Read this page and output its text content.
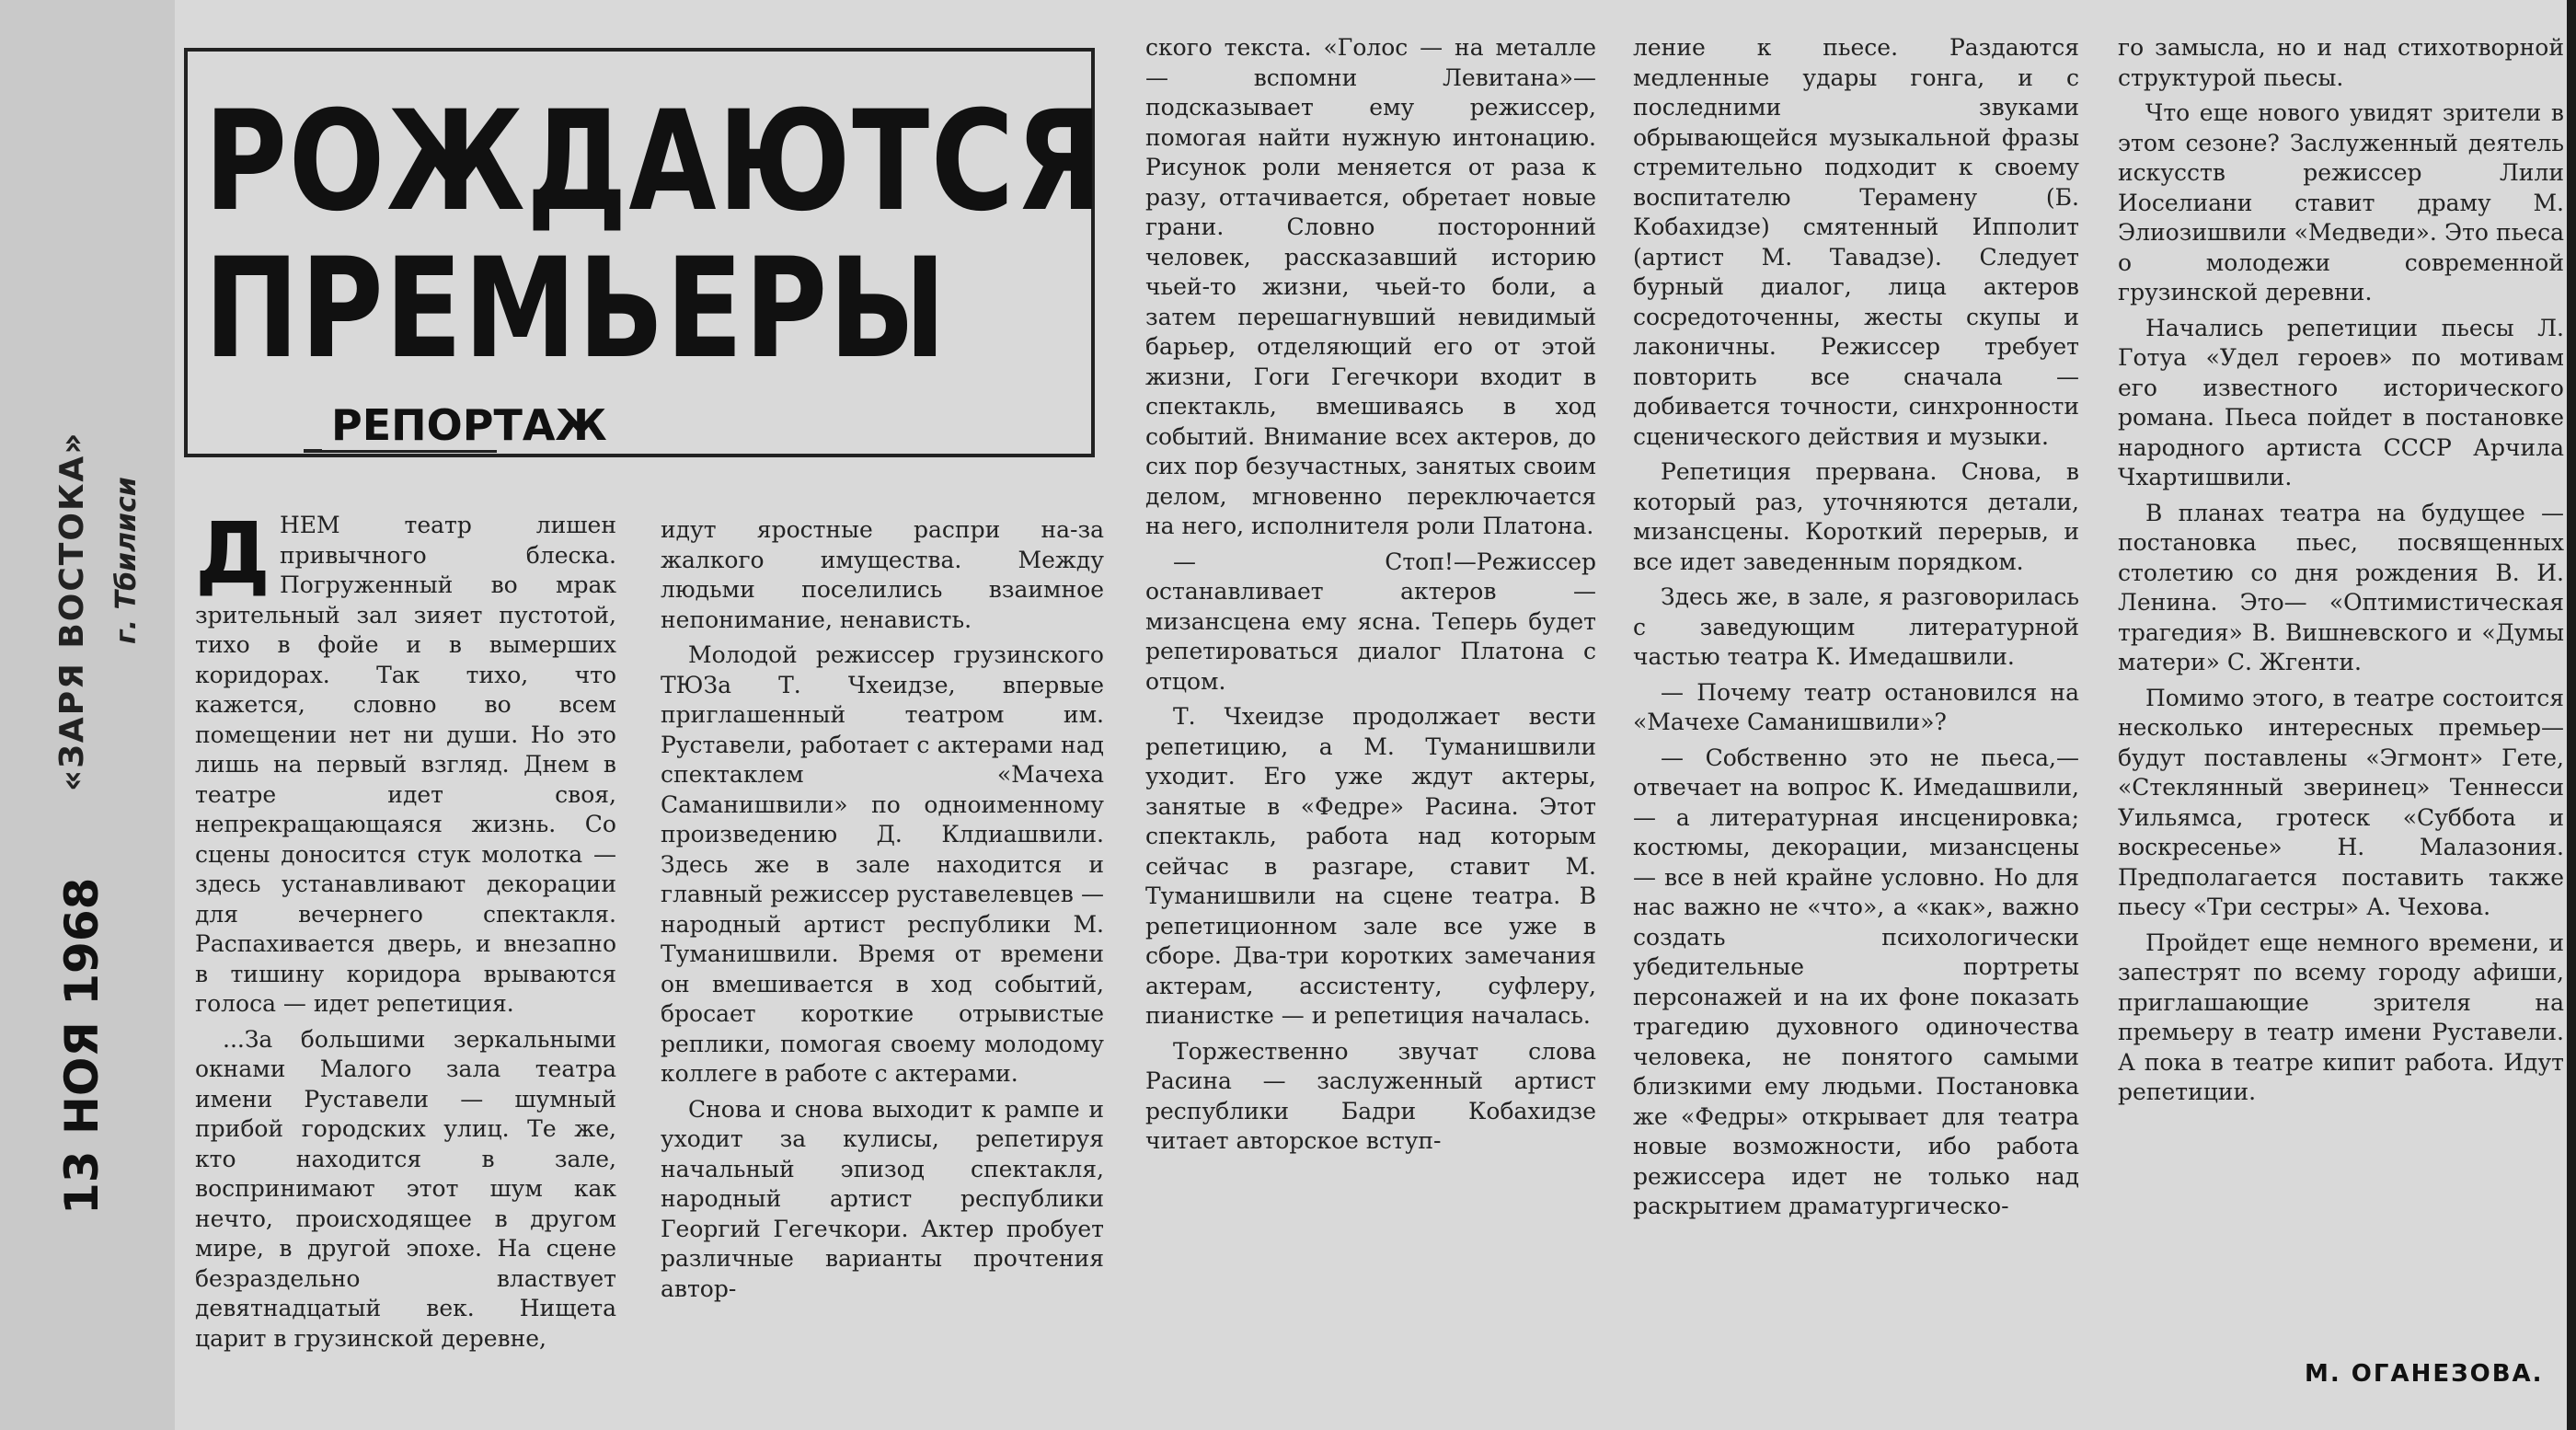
«ЗАРЯ ВОСТОКА» г. Тбилиси
13 НОЯ 1968
РОЖДАЮТСЯ
ПРЕМЬЕРЫ
РЕПОРТАЖ

ДНЕМ театр лишен привычного блеска. Погруженный во мрак зрительный зал зияет пустотой, тихо в фойе и в вымерших коридорах. Так тихо, что кажется, словно во всем помещении нет ни души. Но это лишь на первый взгляд. Днем в театре идет своя, непрекращающаяся жизнь. Со сцены доносится стук молотка — здесь устанавливают декорации для вечернего спектакля. Распахивается дверь, и внезапно в тишину коридора врываются голоса — идет репетиция.

...За большими зеркальными окнами Малого зала театра имени Руставели — шумный прибой городских улиц. Те же, кто находится в зале, воспринимают этот шум как нечто, происходящее в другом мире, в другой эпохе. На сцене безраздельно властвует девятнадцатый век. Нищета царит в грузинской деревне,

идут яростные распри на-за жалкого имущества. Между людьми поселились взаимное непонимание, ненависть.

Молодой режиссер грузинского ТЮЗа Т. Чхеидзе, впервые приглашенный театром им. Руставели, работает с актерами над спектаклем «Мачеха Саманишвили» по одноименному произведению Д. Клдиашвили. Здесь же в зале находится и главный режиссер руставелевцев — народный артист республики М. Туманишвили. Время от времени он вмешивается в ход событий, бросает короткие отрывистые реплики, помогая своему молодому коллеге в работе с актерами.

Снова и снова выходит к рампе и уходит за кулисы, репетируя начальный эпизод спектакля, народный артист республики Георгий Гегечкори. Актер пробует различные варианты прочтения автор-

ского текста. «Голос — на металле — вспомни Левитана»— подсказывает ему режиссер, помогая найти нужную интонацию. Рисунок роли меняется от раза к разу, оттачивается, обретает новые грани. Словно посторонний человек, рассказавший историю чьей-то жизни, чьей-то боли, а затем перешагнувший невидимый барьер, отделяющий его от этой жизни, Гоги Гегечкори входит в спектакль, вмешиваясь в ход событий. Внимание всех актеров, до сих пор безучастных, занятых своим делом, мгновенно переключается на него, исполнителя роли Платона.

— Стоп!—Режиссер останавливает актеров — мизансцена ему ясна. Теперь будет репетироваться диалог Платона с отцом.

Т. Чхеидзе продолжает вести репетицию, а М. Туманишвили уходит. Его уже ждут актеры, занятые в «Федре» Расина. Этот спектакль, работа над которым сейчас в разгаре, ставит М. Туманишвили на сцене театра. В репетиционном зале все уже в сборе. Два-три коротких замечания актерам, ассистенту, суфлеру, пианистке — и репетиция началась.

Торжественно звучат слова Расина — заслуженный артист республики Бадри Кобахидзе читает авторское вступ-

ление к пьесе. Раздаются медленные удары гонга, и с последними звуками обрывающейся музыкальной фразы стремительно подходит к своему воспитателю Терамену (Б. Кобахидзе) смятенный Ипполит (артист М. Тавадзе). Следует бурный диалог, лица актеров сосредоточенны, жесты скупы и лаконичны. Режиссер требует повторить все сначала — добивается точности, синхронности сценического действия и музыки.

Репетиция прервана. Снова, в который раз, уточняются детали, мизансцены. Короткий перерыв, и все идет заведенным порядком.

Здесь же, в зале, я разговорилась с заведующим литературной частью театра К. Имедашвили.

— Почему театр остановился на «Мачехе Саманишвили»?

— Собственно это не пьеса,— отвечает на вопрос К. Имедашвили, — а литературная инсценировка; костюмы, декорации, мизансцены — все в ней крайне условно. Но для нас важно не «что», а «как», важно создать психологически убедительные портреты персонажей и на их фоне показать трагедию духовного одиночества человека, не понятого самыми близкими ему людьми. Постановка же «Федры» открывает для театра новые возможности, ибо работа режиссера идет не только над раскрытием драматургическо-

го замысла, но и над стихотворной структурой пьесы.

Что еще нового увидят зрители в этом сезоне? Заслуженный деятель искусств режиссер Лили Иоселиани ставит драму М. Элиозишвили «Медведи». Это пьеса о молодежи современной грузинской деревни.

Начались репетиции пьесы Л. Готуа «Удел героев» по мотивам его известного исторического романа. Пьеса пойдет в постановке народного артиста СССР Арчила Чхартишвили.

В планах театра на будущее — постановка пьес, посвященных столетию со дня рождения В. И. Ленина. Это— «Оптимистическая трагедия» В. Вишневского и «Думы матери» С. Жгенти.

Помимо этого, в театре состоится несколько интересных премьер—будут поставлены «Эгмонт» Гете, «Стеклянный зверинец» Теннесси Уильямса, гротеск «Суббота и воскресенье» Н. Малазония. Предполагается поставить также пьесу «Три сестры» А. Чехова.

Пройдет еще немного времени, и запестрят по всему городу афиши, приглашающие зрителя на премьеру в театр имени Руставели. А пока в театре кипит работа. Идут репетиции.

М. ОГАНЕЗОВА.
